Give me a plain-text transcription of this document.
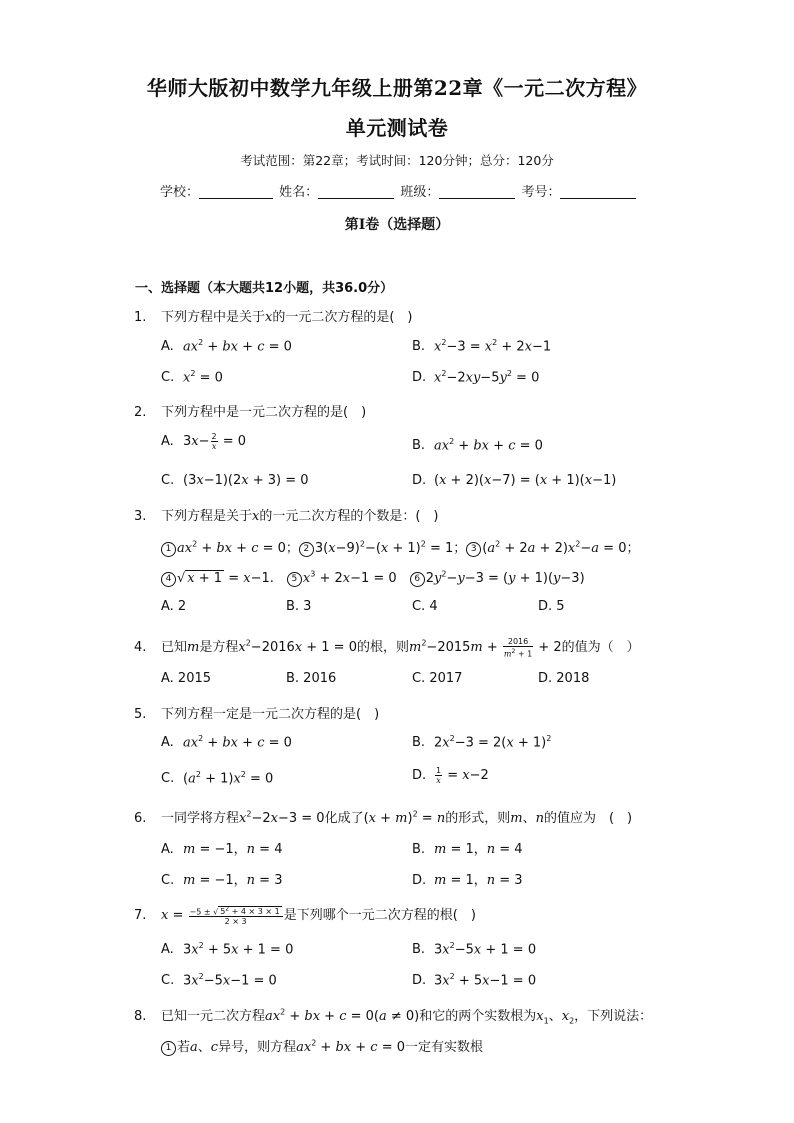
华师大版初中数学九年级上册第22章《一元二次方程》
单元测试卷
考试范围：第22章；考试时间：120分钟；总分：120分
学校：	姓名：	班级：	考号：
第I卷（选择题）
一、选择题（本大题共12小题，共36.0分）
1. 下列方程中是关于x的一元二次方程的是(　)
A. $ax^2$ + bx + c = 0	B. $x^2-3 = x^2 + 2x-1$
C. $x^2 = 0$	D. $x^2-2xy-5y^2 = 0$
2. 下列方程中是一元二次方程的是(　)
A. $3x- \frac{2}{x} = 0$	B. $ax^2$ + bx + c = 0
C. (3x−1)(2x + 3) = 0	D. (x + 2)(x−7) = (x + 1)(x−1)
3. 下列方程是关于x的一元二次方程的个数是：(　)
1 $ax^2$ + bx + c = 0； 2 $3(x-9)^2-(x + 1)^2 = 1$； 3 $(a^2 + 2a + 2)x^2-a = 0$；
4 √ x + 1 = x−1.　5 $x^3 + 2x-1 = 0$　6 $2y^2-y-3 = (y + 1)(y-3)$
A. 2	B. 3	C. 4	D. 5
4. 已知m是方程$x^2-2016x + 1 = 0$的根，则$m^2-2015m + \frac{2016}{m^2 + 1} + 2$的值为（　）
A. 2015	B. 2016	C. 2017	D. 2018
5. 下列方程一定是一元二次方程的是(　)
A. $ax^2$ + bx + c = 0	B. $2x^2-3 = 2(x + 1)^2$
C. $(a^2 + 1)x^2 = 0$	D. $\frac{1}{x} = x-2$
6. 一同学将方程$x^2-2x-3 = 0$化成了$(x + m)^2 = n$的形式，则m、n的值应为　(　)
A. m = −1，n = 4	B. m = 1，n = 4
C. m = −1，n = 3	D. m = 1，n = 3
7. $x = \frac{-5 \pm √ 5^2 + 4 \times 3 \times 1}{2 \times 3}$ 是下列哪个一元二次方程的根(　)
A. $3x^2 + 5x + 1 = 0$	B. $3x^2-5x + 1 = 0$
C. $3x^2-5x-1 = 0$	D. $3x^2 + 5x-1 = 0$
8. 已知一元二次方程$ax^2$ + bx + c = 0(a ≠ 0)和它的两个实数根为$x_1$、$x_2$，下列说法：
1 若a、c异号，则方程$ax^2$ + bx + c = 0一定有实数根
